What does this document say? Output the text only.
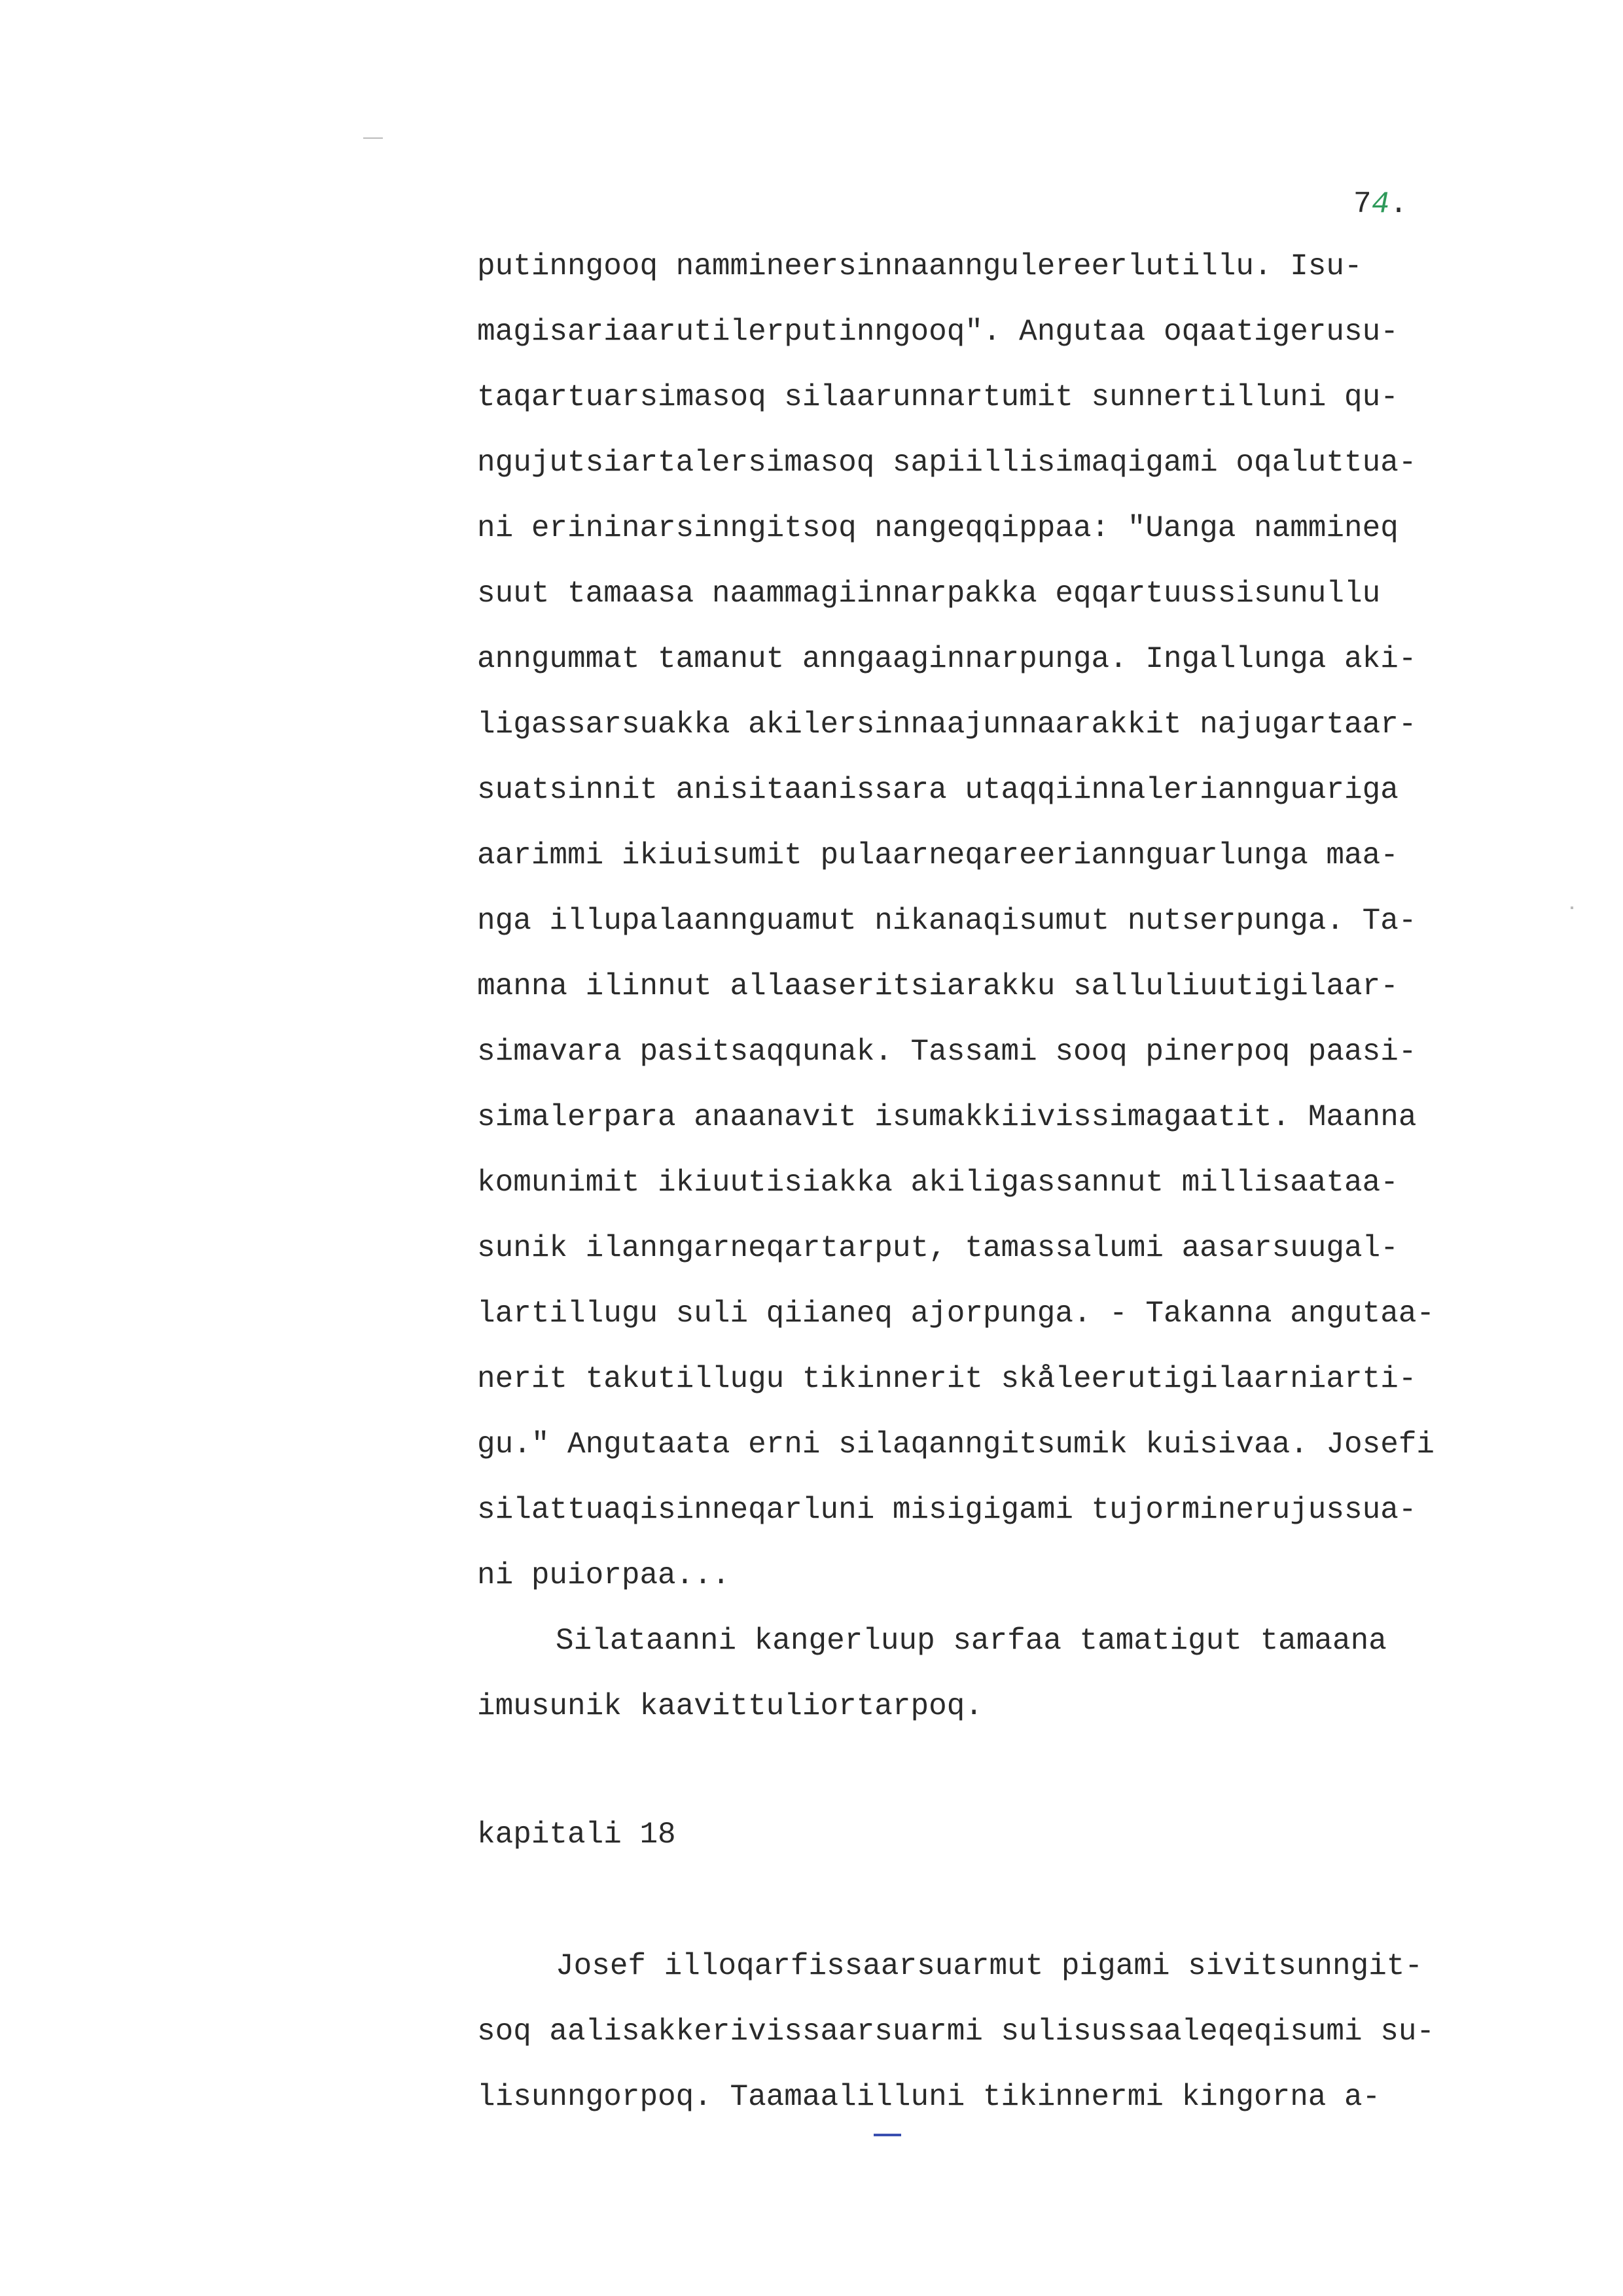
74.
putinngooq nammineersinnaanngulereerlutillu. Isu-
magisariaarutilerputinngooq". Angutaa oqaatigerusu-
taqartuarsimasoq silaarunnartumit sunnertilluni qu-
ngujutsiartalersimasoq sapiillisimaqigami oqaluttua-
ni erininarsinngitsoq nangeqqippaa: "Uanga nammineq
suut tamaasa naammagiinnarpakka eqqartuussisunullu
anngummat tamanut anngaaginnarpunga. Ingallunga aki-
ligassarsuakka akilersinnaajunnaarakkit najugartaar-
suatsinnit anisitaanissara utaqqiinnaleriannguariga
aarimmi ikiuisumit pulaarneqareeriannguarlunga maa-
nga illupalaannguamut nikanaqisumut nutserpunga. Ta-
manna ilinnut allaaseritsiarakku salluliuutigilaar-
simavara pasitsaqqunak. Tassami sooq pinerpoq paasi-
simalerpara anaanavit isumakkiivissimagaatit. Maanna
komunimit ikiuutisiakka akiligassannut millisaataa-
sunik ilanngarneqartarput, tamassalumi aasarsuugal-
lartillugu suli qiianeq ajorpunga. - Takanna angutaa-
nerit takutillugu tikinnerit skåleerutigilaarniarti-
gu." Angutaata erni silaqanngitsumik kuisivaa. Josefi
silattuaqisinneqarluni misigigami tujorminerujussua-
ni puiorpaa...
Silataanni kangerluup sarfaa tamatigut tamaana
imusunik kaavittuliortarpoq.
kapitali 18
Josef illoqarfissaarsuarmut pigami sivitsunngit-
soq aalisakkerivissaarsuarmi sulisussaaleqeqisumi su-
lisunngorpoq. Taamaalilluni tikinnermi kingorna a-
